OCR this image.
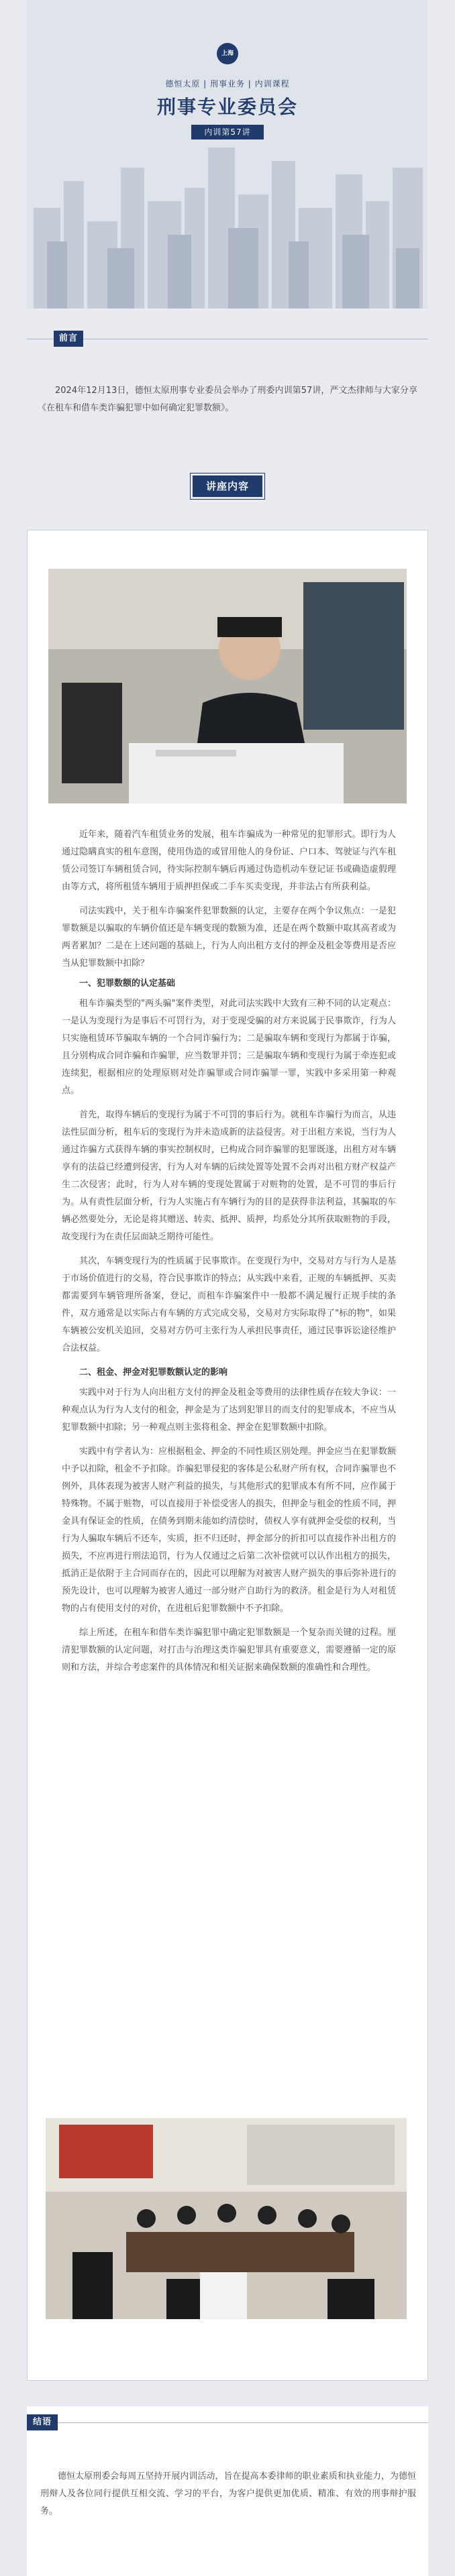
上海
德恒太原 | 刑事业务 | 内训课程
刑事专业委员会
内训第57讲
前言

2024年12月13日，德恒太原刑事专业委员会举办了刑委内训第57讲，严文杰律师与大家分享《在租车和借车类诈骗犯罪中如何确定犯罪数额》。

讲座内容

近年来，随着汽车租赁业务的发展，租车诈骗成为一种常见的犯罪形式。即行为人通过隐瞒真实的租车意图，使用伪造的或冒用他人的身份证、户口本、驾驶证与汽车租赁公司签订车辆租赁合同，待实际控制车辆后再通过伪造机动车登记证书或确造虚假理由等方式，将所租赁车辆用于质押担保或二手车买卖变现，并非法占有所获利益。

司法实践中，关于租车诈骗案件犯罪数额的认定，主要存在两个争议焦点：一是犯罪数额是以骗取的车辆价值还是车辆变现的数额为准，还是在两个数额中取其高者或为两者累加？二是在上述问题的基础上，行为人向出租方支付的押金及租金等费用是否应当从犯罪数额中扣除？

一、犯罪数额的认定基础

租车诈骗类型的"两头骗"案件类型，对此司法实践中大致有三种不同的认定观点：一是认为变现行为是事后不可罚行为，对于变现受骗的对方来说属于民事欺诈，行为人只实施租赁环节骗取车辆的一个合同诈骗行为；二是骗取车辆和变现行为都属于诈骗，且分别构成合同诈骗和诈骗罪，应当数罪并罚；三是骗取车辆和变现行为属于牵连犯或连续犯，根据相应的处理原则对处诈骗罪或合同诈骗罪一罪，实践中多采用第一种观点。

首先，取得车辆后的变现行为属于不可罚的事后行为。就租车诈骗行为而言，从违法性层面分析，租车后的变现行为并未造成新的法益侵害。对于出租方来说，当行为人通过诈骗方式获得车辆的事实控制权时，已构成合同诈骗罪的犯罪既遂，出租方对车辆享有的法益已经遭到侵害，行为人对车辆的后续处置等处置不会再对出租方财产权益产生二次侵害；此时，行为人对车辆的变现处置属于对赃物的处置，是不可罚的事后行为。从有责性层面分析，行为人实施占有车辆行为的目的是获得非法利益，其骗取的车辆必然要处分，无论是将其赠送、转卖、抵押、质押，均系处分其所获取赃物的手段，故变现行为在责任层面缺乏期待可能性。

其次，车辆变现行为的性质属于民事欺诈。在变现行为中，交易对方与行为人是基于市场价值进行的交易，符合民事欺诈的特点；从实践中来看，正规的车辆抵押、买卖都需要到车辆管理所备案，登记，而租车诈骗案件中一般都不满足履行正规手续的条件，双方通常是以实际占有车辆的方式完成交易，交易对方实际取得了"标的物"，如果车辆被公安机关追回，交易对方仍可主张行为人承担民事责任，通过民事诉讼途径维护合法权益。

二、租金、押金对犯罪数额认定的影响

实践中对于行为人向出租方支付的押金及租金等费用的法律性质存在较大争议：一种观点认为行为人支付的租金，押金是为了达到犯罪目的而支付的犯罪成本，不应当从犯罪数额中扣除；另一种观点则主张将租金、押金在犯罪数额中扣除。

实践中有学者认为：应根据租金、押金的不同性质区别处理。押金应当在犯罪数额中予以扣除，租金不予扣除。诈骗犯罪侵犯的客体是公私财产所有权，合同诈骗罪也不例外，具体表现为被害人财产利益的损失，与其他形式的犯罪成本有所不同，应作属于特殊物。不属于赃物，可以直接用于补偿受害人的损失，但押金与租金的性质不同，押金具有保证金的性质，在债务到期未能如约清偿时，债权人享有就押金受偿的权利，当行为人骗取车辆后不还车，实质，拒不归还时，押金部分的折扣可以直接作补出租方的损失，不应再进行刑法追罚，行为人仅通过之后第二次补偿就可以认作出租方的损失，抵消正是依附于主合同而存在的，因此可以理解为对被害人财产损失的事后弥补进行的预先设计，也可以理解为被害人通过一部分财产自助行为的救济。租金是行为人对租赁物的占有使用支付的对价，在进租后犯罪数额中不予扣除。

综上所述，在租车和借车类诈骗犯罪中确定犯罪数额是一个复杂而关键的过程。厘清犯罪数额的认定问题，对打击与治理这类诈骗犯罪具有重要意义，需要遵循一定的原则和方法，并综合考虑案件的具体情况和相关证据来确保数额的准确性和合理性。

结语

德恒太原刑委会每周五坚持开展内训活动，旨在提高本委律师的职业素质和执业能力，为德恒刑辩人及各位同行提供互相交流、学习的平台，为客户提供更加优质、精准、有效的刑事辩护服务。
